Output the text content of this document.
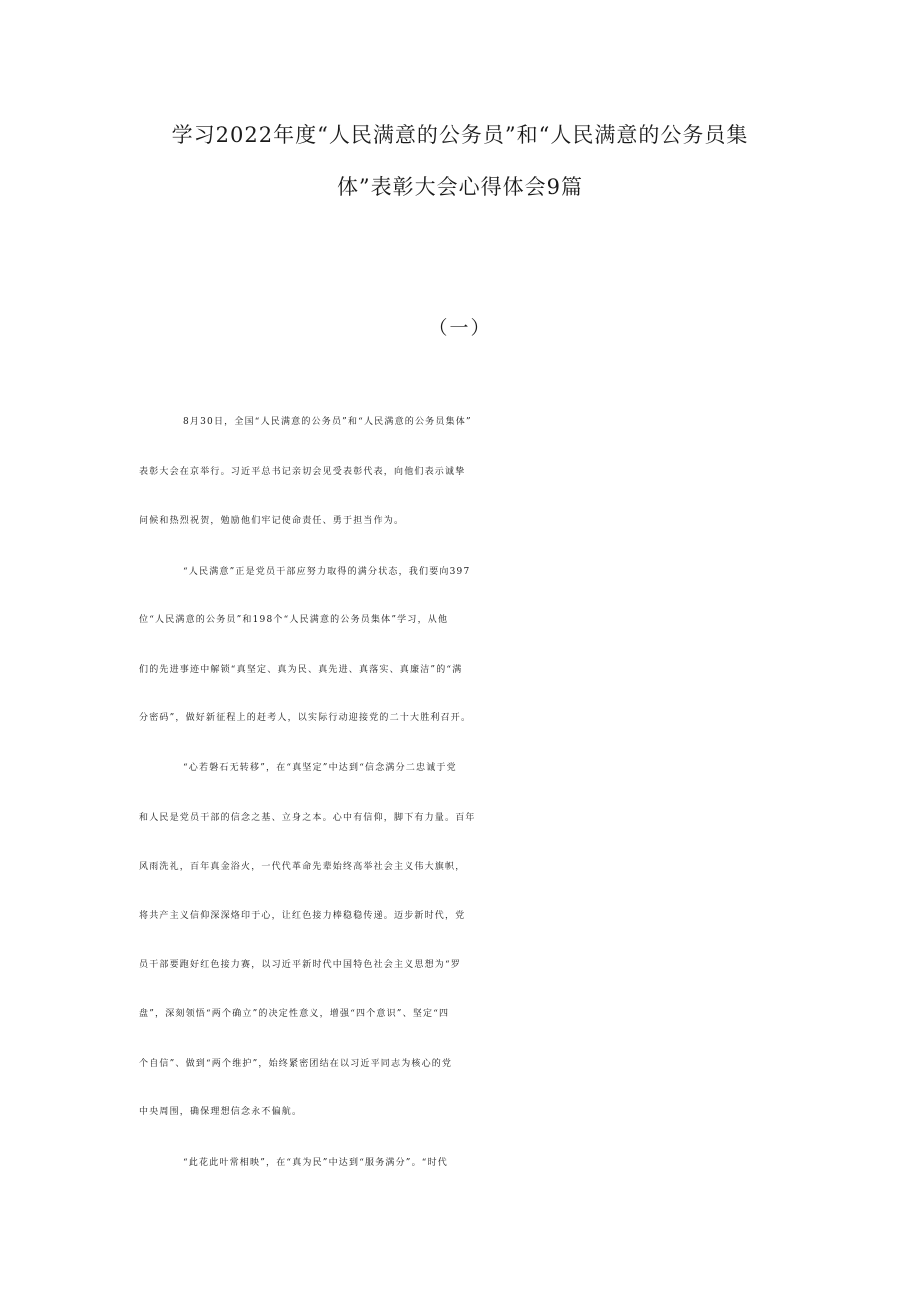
学习2022年度“人民满意的公务员”和“人民满意的公务员集
体”表彰大会心得体会9篇
（一）
8月30日，全国“人民满意的公务员”和“人民满意的公务员集体”
表彰大会在京举行。习近平总书记亲切会见受表彰代表，向他们表示诚挚
问候和热烈祝贺，勉励他们牢记使命责任、勇于担当作为。
“人民满意”正是党员干部应努力取得的满分状态，我们要向397
位“人民满意的公务员”和198个“人民满意的公务员集体”学习，从他
们的先进事迹中解锁“真坚定、真为民、真先进、真落实、真廉洁”的“满
分密码”，做好新征程上的赶考人，以实际行动迎接党的二十大胜利召开。
“心若磐石无转移”，在“真坚定”中达到“信念满分二忠诚于党
和人民是党员干部的信念之基、立身之本。心中有信仰，脚下有力量。百年
风雨洗礼，百年真金浴火，一代代革命先辈始终高举社会主义伟大旗帜，
将共产主义信仰深深烙印于心，让红色接力棒稳稳传递。迈步新时代，党
员干部要跑好红色接力赛，以习近平新时代中国特色社会主义思想为“罗
盘”，深刻领悟“两个确立”的决定性意义，增强“四个意识”、坚定“四
个自信”、做到“两个维护”，始终紧密团结在以习近平同志为核心的党
中央周围，确保理想信念永不偏航。
“此花此叶常相映”，在“真为民”中达到“服务满分”。“时代
